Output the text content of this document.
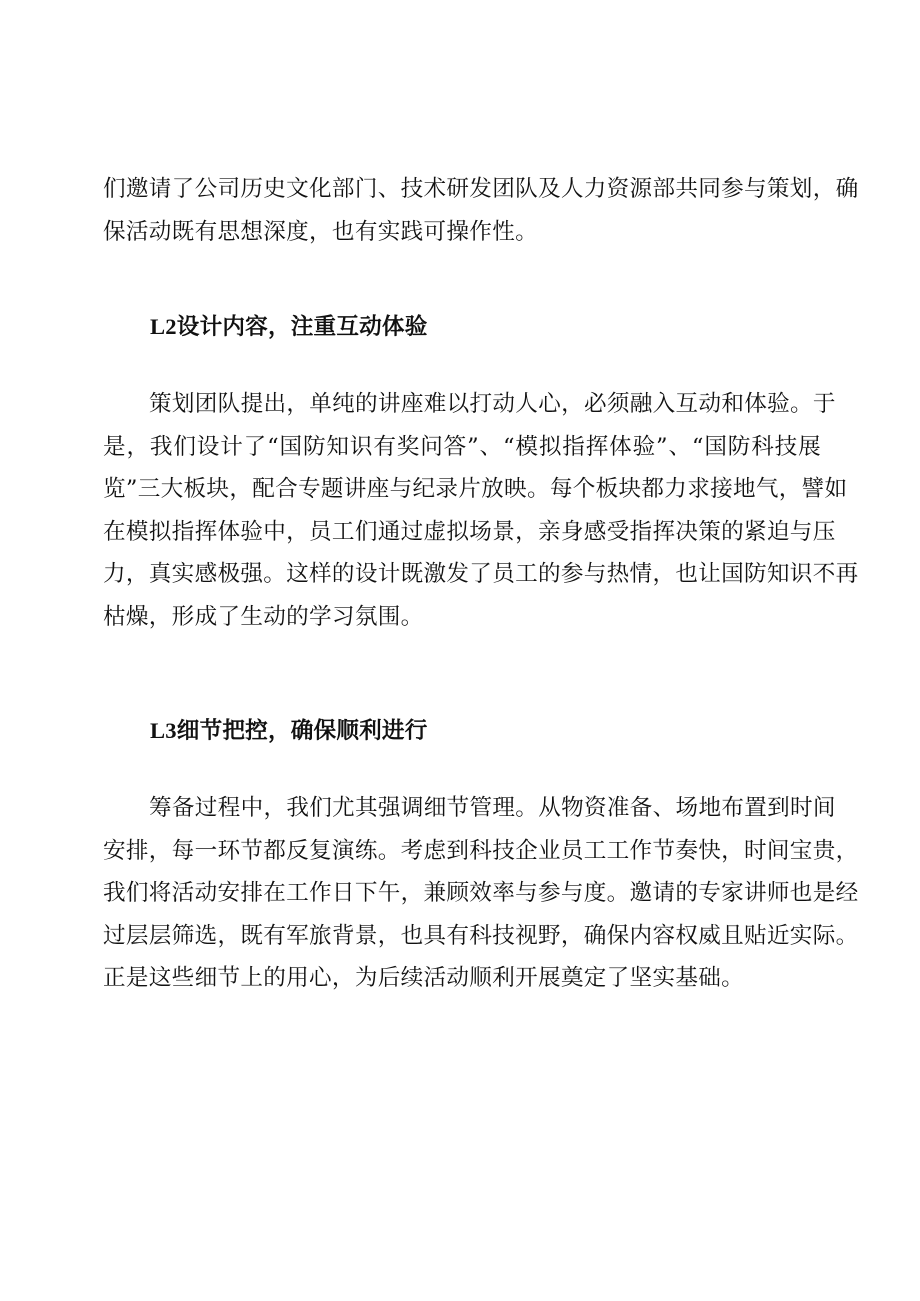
们邀请了公司历史文化部门、技术研发团队及人力资源部共同参与策划，确
保活动既有思想深度，也有实践可操作性。
L2设计内容，注重互动体验
策划团队提出，单纯的讲座难以打动人心，必须融入互动和体验。于
是，我们设计了“国防知识有奖问答”、“模拟指挥体验”、“国防科技展
览”三大板块，配合专题讲座与纪录片放映。每个板块都力求接地气，譬如
在模拟指挥体验中，员工们通过虚拟场景，亲身感受指挥决策的紧迫与压
力，真实感极强。这样的设计既激发了员工的参与热情，也让国防知识不再
枯燥，形成了生动的学习氛围。
L3细节把控，确保顺利进行
筹备过程中，我们尤其强调细节管理。从物资准备、场地布置到时间
安排，每一环节都反复演练。考虑到科技企业员工工作节奏快，时间宝贵，
我们将活动安排在工作日下午，兼顾效率与参与度。邀请的专家讲师也是经
过层层筛选，既有军旅背景，也具有科技视野，确保内容权威且贴近实际。
正是这些细节上的用心，为后续活动顺利开展奠定了坚实基础。
